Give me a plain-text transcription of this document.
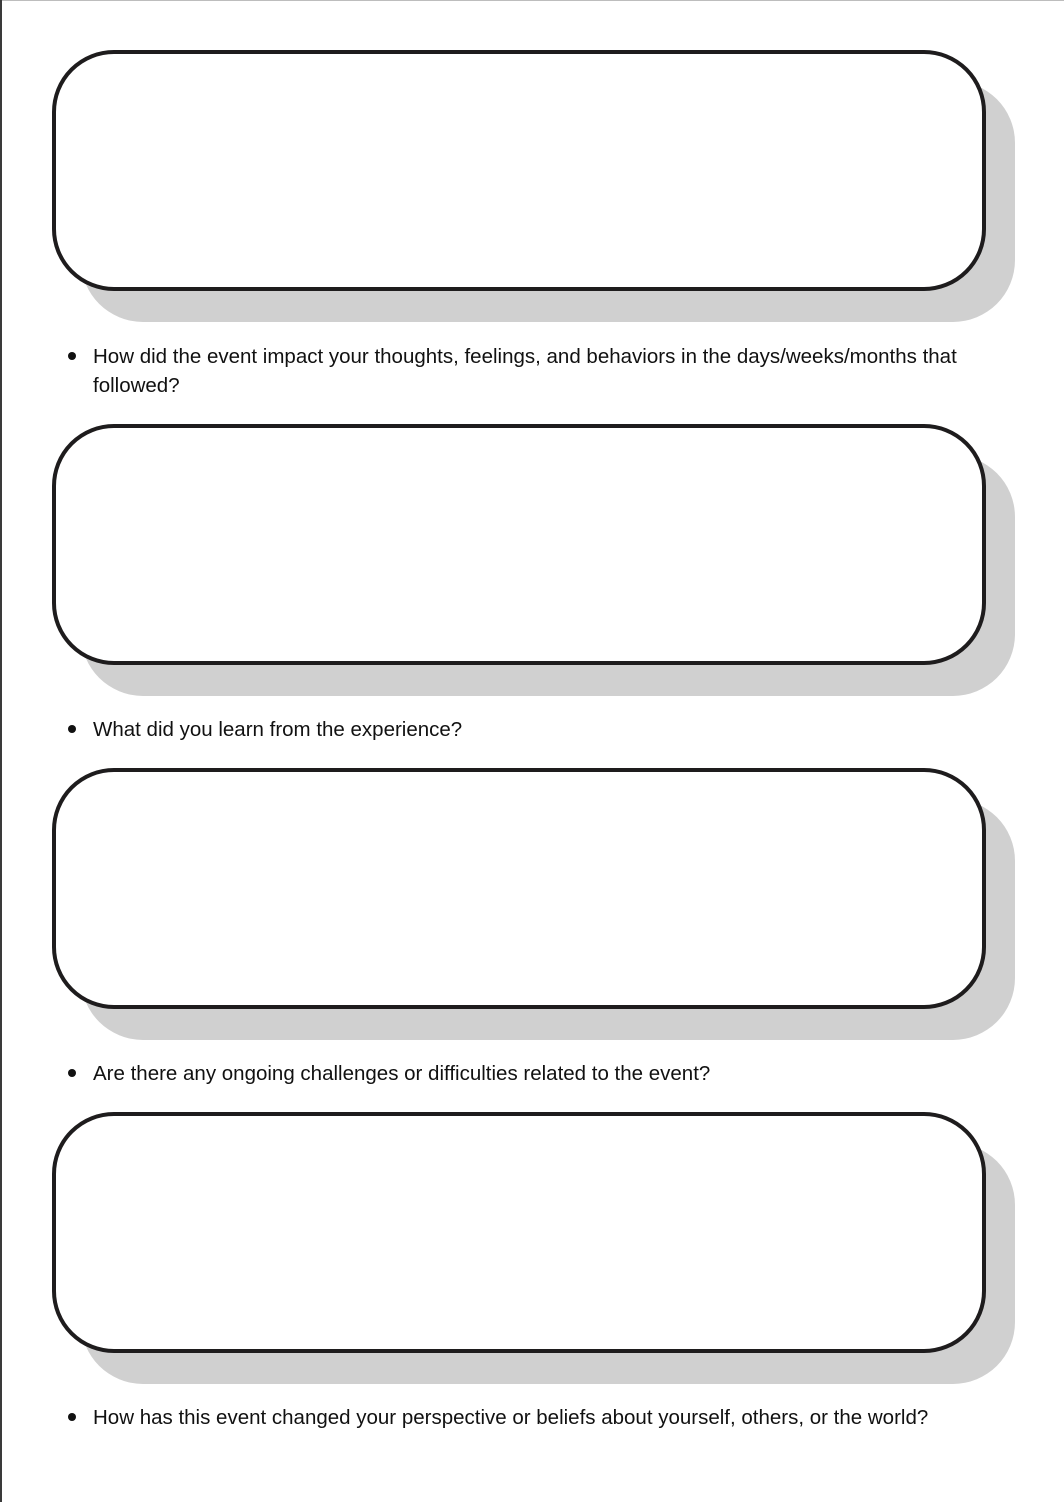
How did the event impact your thoughts, feelings, and behaviors in the days/weeks/months that followed?
What did you learn from the experience?
Are there any ongoing challenges or difficulties related to the event?
How has this event changed your perspective or beliefs about yourself, others, or the world?
